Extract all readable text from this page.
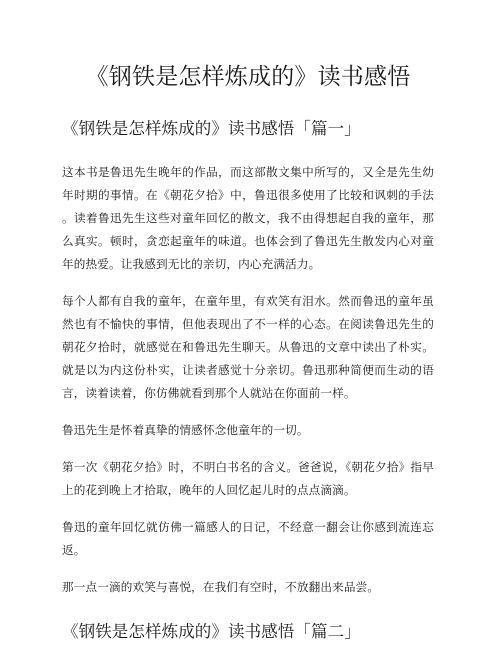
《钢铁是怎样炼成的》读书感悟
《钢铁是怎样炼成的》读书感悟「篇一」

这本书是鲁迅先生晚年的作品，而这部散文集中所写的，又全是先生幼年时期的事情。在《朝花夕拾》中，鲁迅很多使用了比较和讽刺的手法。读着鲁迅先生这些对童年回忆的散文，我不由得想起自我的童年，那么真实。顿时，贪恋起童年的味道。也体会到了鲁迅先生散发内心对童年的热爱。让我感到无比的亲切，内心充满活力。

每个人都有自我的童年，在童年里，有欢笑有泪水。然而鲁迅的童年虽然也有不愉快的事情，但他表现出了不一样的心态。在阅读鲁迅先生的朝花夕拾时，就感觉在和鲁迅先生聊天。从鲁迅的文章中读出了朴实。就是以为内这份朴实，让读者感觉十分亲切。鲁迅那种简便而生动的语言，读着读着，你仿佛就看到那个人就站在你面前一样。

鲁迅先生是怀着真挚的情感怀念他童年的一切。

第一次《朝花夕拾》时，不明白书名的含义。爸爸说，《朝花夕拾》指早上的花到晚上才拾取，晚年的人回忆起儿时的点点滴滴。

鲁迅的童年回忆就仿佛一篇感人的日记，不经意一翻会让你感到流连忘返。

那一点一滴的欢笑与喜悦，在我们有空时，不放翻出来品尝。

《钢铁是怎样炼成的》读书感悟「篇二」
